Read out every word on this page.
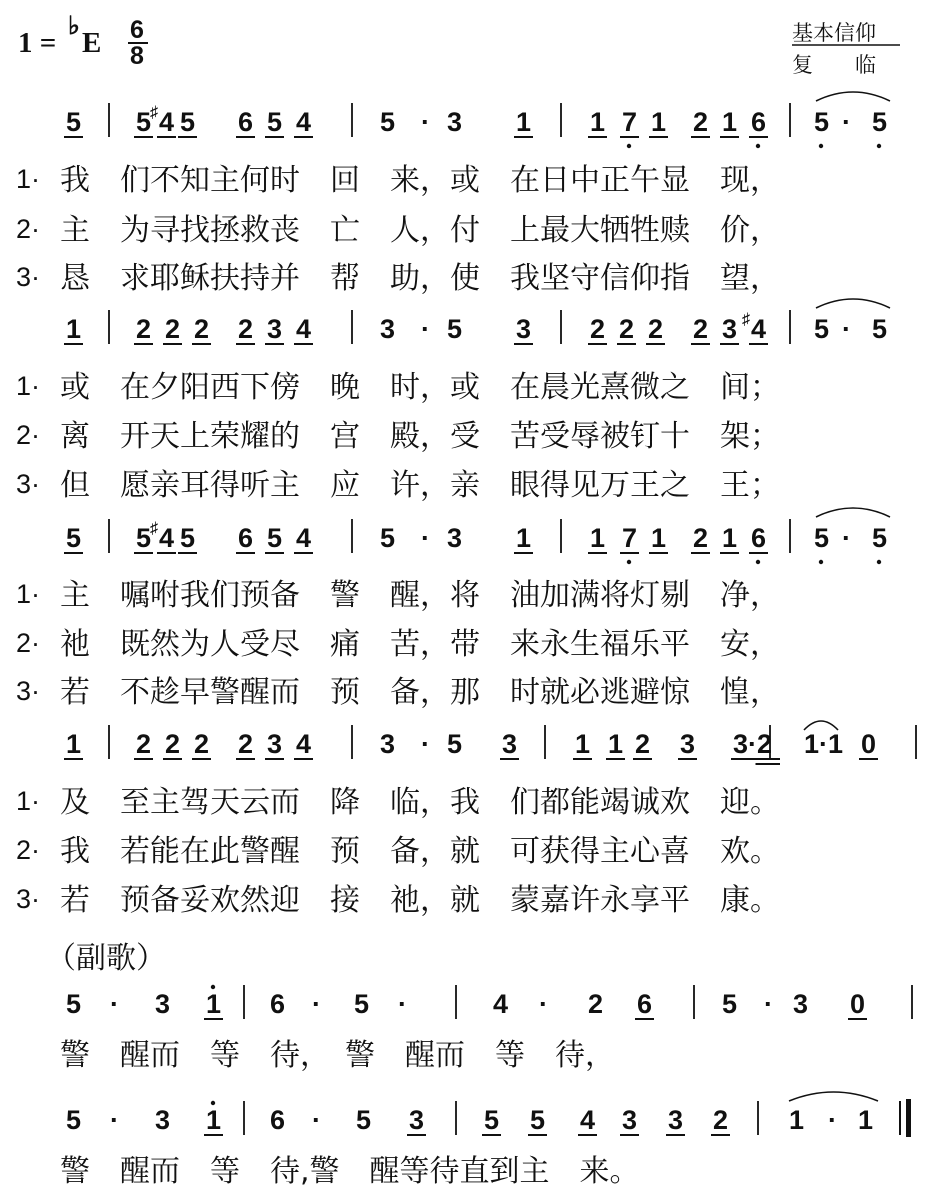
1 =
♭
E 6
8
基本信仰
复　　临
5 5 4
♯ 5 6 5 4	5 · 3 1 1 7 1 2 1 6 5 · 5
1· 我　们不知主何时　回　来，或　在日中正午显　现，
2· 主　为寻找拯救丧　亡　人，付　上最大牺牲赎　价，
3· 恳　求耶稣扶持并　帮　助，使　我坚守信仰指　望，
1 2 2 2 2 3 4	3 · 5 3 2 2 2 2 3 4
♯ 5 · 5
1· 或　在夕阳西下傍　晚　时，或　在晨光熹微之　间；
2· 离　开天上荣耀的　宫　殿，受　苦受辱被钉十　架；
3· 但　愿亲耳得听主　应　许，亲　眼得见万王之　王；
5 5 4
♯ 5 6 5 4	5 · 3 1 1 7 1 2 1 6 5 · 5
1· 主　嘱咐我们预备　警　醒，将　油加满将灯剔　净，
2· 祂　既然为人受尽　痛　苦，带　来永生福乐平　安，
3· 若　不趁早警醒而　预　备，那　时就必逃避惊　惶，
1 2 2 2 2 3 4	3 · 5 3 1 1 2 3 3·2 1·1 0
1· 及　至主驾天云而　降　临，我　们都能竭诚欢　迎。
2· 我　若能在此警醒　预　备，就　可获得主心喜　欢。
3· 若　预备妥欢然迎　接　祂，就　蒙嘉许永享平　康。
（副歌）
5 · 3 1 6 · 5 ·	4 · 2 6	5 · 3 0
警　醒而　等　待，　警　醒而　等　待，
5 · 3 1 6 · 5 3 5 5 4 3 3 2 1 · 1
警　醒而　等　待,警　醒等待直到主　来。
